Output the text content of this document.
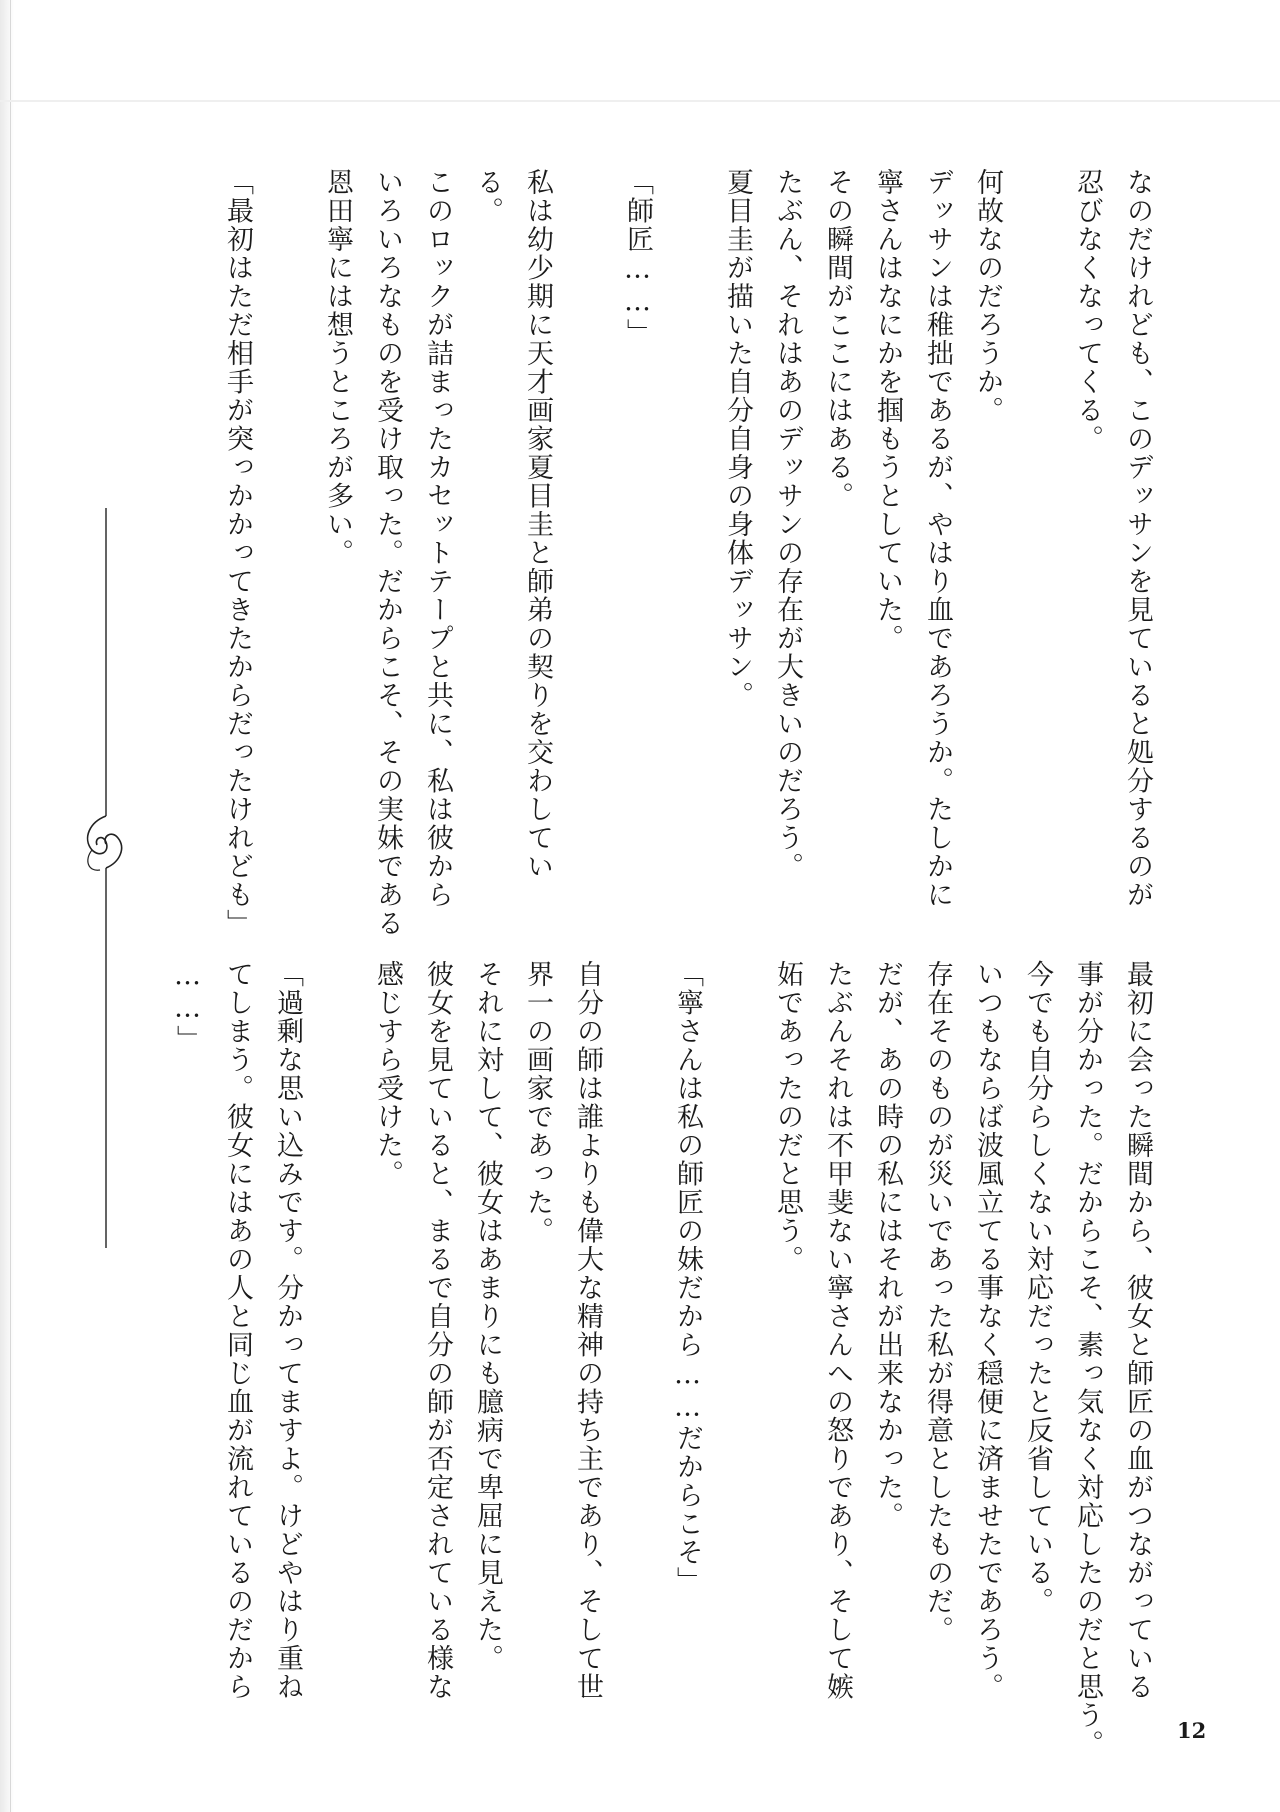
なのだけれども、このデッサンを見ていると処分するのが
忍びなくなってくる。

何故なのだろうか。
デッサンは稚拙であるが、やはり血であろうか。たしかに
寧さんはなにかを掴もうとしていた。
その瞬間がここにはある。
たぶん、それはあのデッサンの存在が大きいのだろう。
夏目圭が描いた自分自身の身体デッサン。

「師匠……」

私は幼少期に天才画家夏目圭と師弟の契りを交わしてい
る。
このロックが詰まったカセットテープと共に、私は彼から
いろいろなものを受け取った。だからこそ、その実妹である
恩田寧には想うところが多い。

「最初はただ相手が突っかかってきたからだったけれども」
最初に会った瞬間から、彼女と師匠の血がつながっている
事が分かった。だからこそ、素っ気なく対応したのだと思う。
今でも自分らしくない対応だったと反省している。
いつもならば波風立てる事なく穏便に済ませたであろう。
存在そのものが災いであった私が得意としたものだ。
だが、あの時の私にはそれが出来なかった。
たぶんそれは不甲斐ない寧さんへの怒りであり、そして嫉
妬であったのだと思う。

「寧さんは私の師匠の妹だから……だからこそ」

自分の師は誰よりも偉大な精神の持ち主であり、そして世
界一の画家であった。
それに対して、彼女はあまりにも臆病で卑屈に見えた。
彼女を見ていると、まるで自分の師が否定されている様な
感じすら受けた。

「過剰な思い込みです。分かってますよ。けどやはり重ね
てしまう。彼女にはあの人と同じ血が流れているのだから
……」
12
